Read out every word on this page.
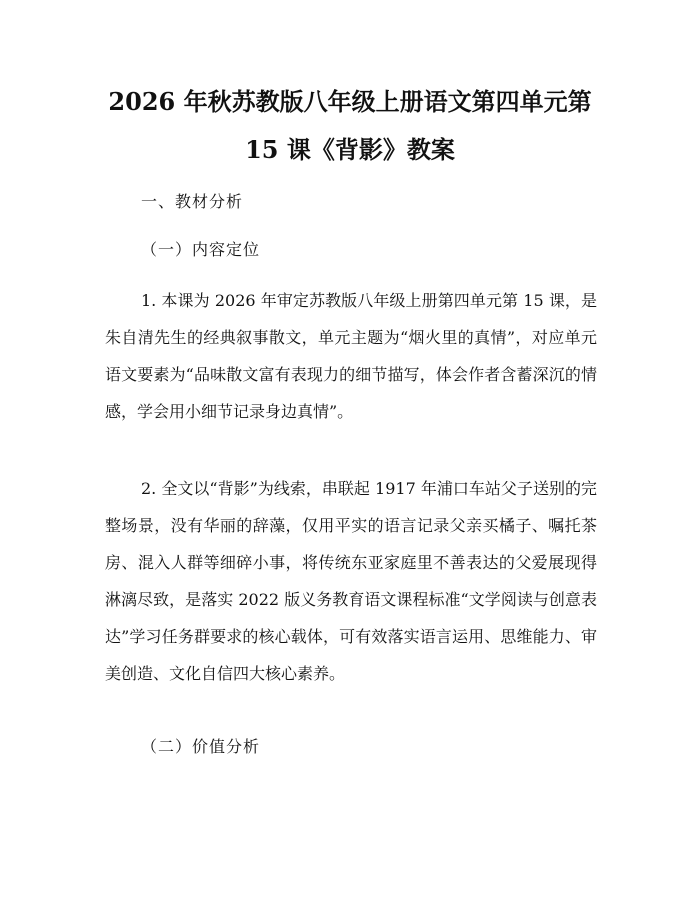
2026 年秋苏教版八年级上册语文第四单元第
15 课《背影》教案
一、教材分析
（一）内容定位
1. 本课为 2026 年审定苏教版八年级上册第四单元第 15 课，是朱自清先生的经典叙事散文，单元主题为“烟火里的真情”，对应单元语文要素为“品味散文富有表现力的细节描写，体会作者含蓄深沉的情感，学会用小细节记录身边真情”。
2. 全文以“背影”为线索，串联起 1917 年浦口车站父子送别的完整场景，没有华丽的辞藻，仅用平实的语言记录父亲买橘子、嘱托茶房、混入人群等细碎小事，将传统东亚家庭里不善表达的父爱展现得淋漓尽致，是落实 2022 版义务教育语文课程标准“文学阅读与创意表达”学习任务群要求的核心载体，可有效落实语言运用、思维能力、审美创造、文化自信四大核心素养。
（二）价值分析
